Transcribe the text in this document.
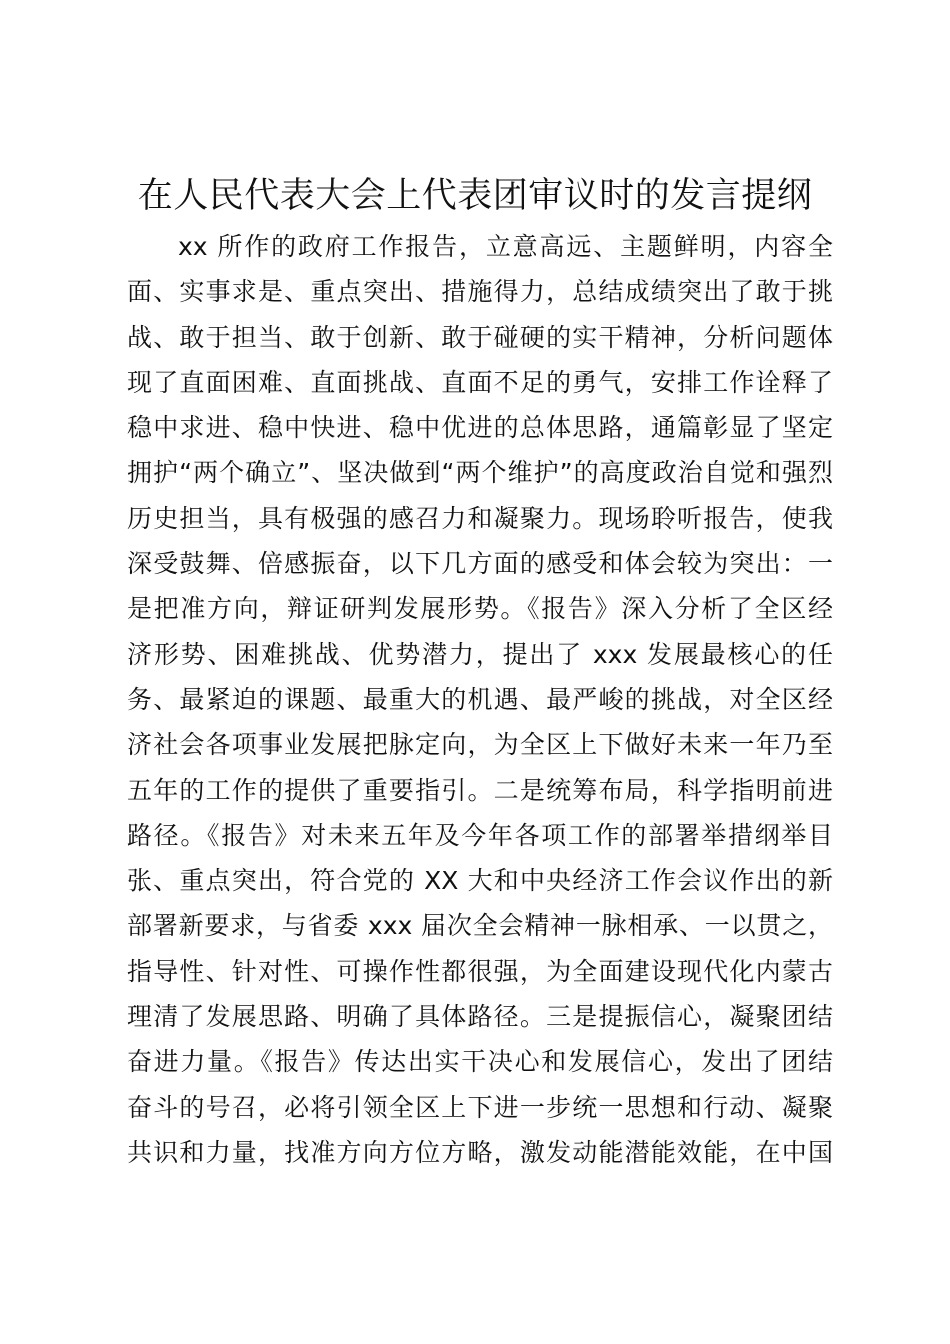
在人民代表大会上代表团审议时的发言提纲
xx 所作的政府工作报告，立意高远、主题鲜明，内容全
面、实事求是、重点突出、措施得力，总结成绩突出了敢于挑
战、敢于担当、敢于创新、敢于碰硬的实干精神，分析问题体
现了直面困难、直面挑战、直面不足的勇气，安排工作诠释了
稳中求进、稳中快进、稳中优进的总体思路，通篇彰显了坚定
拥护“两个确立”、坚决做到“两个维护”的高度政治自觉和强烈
历史担当，具有极强的感召力和凝聚力。现场聆听报告，使我
深受鼓舞、倍感振奋，以下几方面的感受和体会较为突出：一
是把准方向，辩证研判发展形势。《报告》深入分析了全区经
济形势、困难挑战、优势潜力，提出了 xxx 发展最核心的任
务、最紧迫的课题、最重大的机遇、最严峻的挑战，对全区经
济社会各项事业发展把脉定向，为全区上下做好未来一年乃至
五年的工作的提供了重要指引。二是统筹布局，科学指明前进
路径。《报告》对未来五年及今年各项工作的部署举措纲举目
张、重点突出，符合党的 XX 大和中央经济工作会议作出的新
部署新要求，与省委 xxx 届次全会精神一脉相承、一以贯之，
指导性、针对性、可操作性都很强，为全面建设现代化内蒙古
理清了发展思路、明确了具体路径。三是提振信心，凝聚团结
奋进力量。《报告》传达出实干决心和发展信心，发出了团结
奋斗的号召，必将引领全区上下进一步统一思想和行动、凝聚
共识和力量，找准方向方位方略，激发动能潜能效能，在中国
